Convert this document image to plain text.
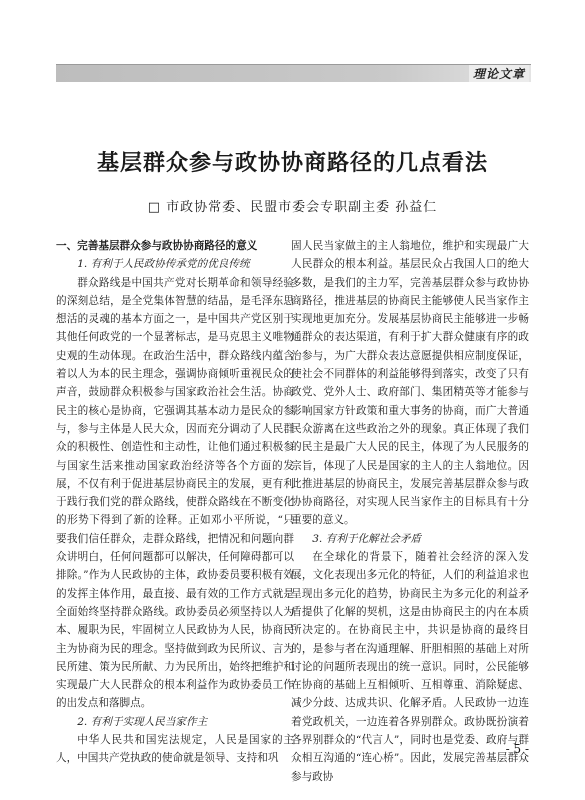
理论文章
基层群众参与政协协商路径的几点看法
□ 市政协常委、民盟市委会专职副主委 孙益仁

一、完善基层群众参与政协协商路径的意义

1. 有利于人民政协传承党的优良传统

群众路线是中国共产党对长期革命和领导经验的深刻总结，是全党集体智慧的结晶，是毛泽东思想活的灵魂的基本方面之一，是中国共产党区别于其他任何政党的一个显著标志，是马克思主义唯物史观的生动体现。在政治生活中，群众路线内蕴含着以人为本的民主理念，强调协商倾听重视民众的声音，鼓励群众积极参与国家政治社会生活。协商民主的核心是协商，它强调其基本动力是民众的参与，参与主体是人民大众，因而充分调动了人民群众的积极性、创造性和主动性，让他们通过积极参与国家生活来推动国家政治经济等各个方面的发展，不仅有利于促进基层协商民主的发展，更有利于践行我们党的群众路线，使群众路线在不断变化的形势下得到了新的诠释。正如邓小平所说，“只要我们信任群众，走群众路线，把情况和问题向群众讲明白，任何问题都可以解决，任何障碍都可以排除。”作为人民政协的主体，政协委员要积极有效的发挥主体作用，最直接、最有效的工作方式就是全面始终坚持群众路线。政协委员必须坚持以人为本、履职为民，牢固树立人民政协为人民，协商民主为协商为民的理念。坚持做到政为民所议、言为民所建、策为民所献、力为民所出，始终把维护和实现最广大人民群众的根本利益作为政协委员工作的出发点和落脚点。

2. 有利于实现人民当家作主

中华人民共和国宪法规定，人民是国家的主人，中国共产党执政的使命就是领导、支持和巩

固人民当家做主的主人翁地位，维护和实现最广大人民群众的根本利益。基层民众占我国人口的绝大多数，是我们的主力军，完善基层群众参与政协协商路径，推进基层的协商民主能够使人民当家作主实现地更加充分。发展基层协商民主能够进一步畅通群众的表达渠道，有利于扩大群众健康有序的政治参与，为广大群众表达意愿提供相应制度保证，使社会不同群体的利益能够得到落实，改变了只有政党、党外人士、政府部门、集团精英等才能参与影响国家方针政策和重大事务的协商，而广大普通民众游离在这些政治之外的现象。真正体现了我们的民主是最广大人民的民主，体现了为人民服务的宗旨，体现了人民是国家的主人的主人翁地位。因此推进基层的协商民主，发展完善基层群众参与政协协商路径，对实现人民当家作主的目标具有十分重要的意义。

3. 有利于化解社会矛盾

在全球化的背景下，随着社会经济的深入发展，文化表现出多元化的特征，人们的利益追求也呈现出多元化的趋势，协商民主为多元化的利益矛盾提供了化解的契机，这是由协商民主的内在本质所决定的。在协商民主中，共识是协商的最终目的，是参与者在沟通理解、肝胆相照的基础上对所讨论的问题所表现出的统一意识。同时，公民能够在协商的基础上互相倾听、互相尊重、消除疑虑、减少分歧、达成共识、化解矛盾。人民政协一边连着党政机关，一边连着各界别群众。政协既扮演着各界别群众的“代言人”，同时也是党委、政府与群众相互沟通的“连心桥”。因此，发展完善基层群众参与政协

- 5 -
